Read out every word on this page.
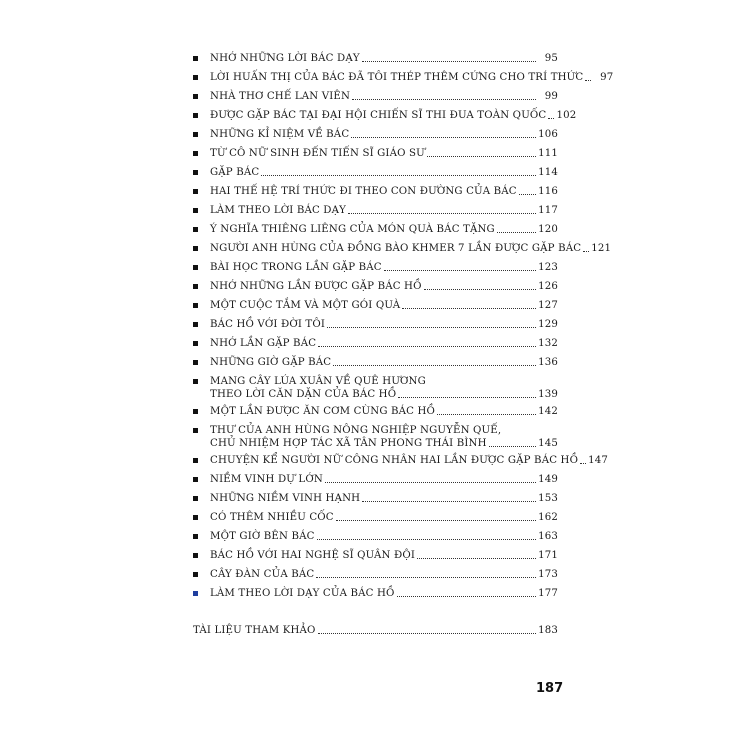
NHỚ NHỮNG LỜI BÁC DẠY	95
LỜI HUẤN THỊ CỦA BÁC ĐÃ TÔI THÉP THÊM CỨNG CHO TRÍ THỨC	97
NHÀ THƠ CHẾ LAN VIÊN	99
ĐƯỢC GẶP BÁC TẠI ĐẠI HỘI CHIẾN SĨ THI ĐUA TOÀN QUỐC 102
NHỮNG KỈ NIỆM VỀ BÁC	106
TỪ CÔ NỮ SINH ĐẾN TIẾN SĨ GIÁO SƯ	111
GẶP BÁC	114
HAI THẾ HỆ TRÍ THỨC ĐI THEO CON ĐƯỜNG CỦA BÁC 116
LÀM THEO LỜI BÁC DẠY	117
Ý NGHĨA THIÊNG LIÊNG CỦA MÓN QUÀ BÁC TẶNG	120
NGƯỜI ANH HÙNG CỦA ĐỒNG BÀO KHMER 7 LẦN ĐƯỢC GẶP BÁC 121
BÀI HỌC TRONG LẦN GẶP BÁC	123
NHỚ NHỮNG LẦN ĐƯỢC GẶP BÁC HỒ	126
MỘT CUỘC TẮM VÀ MỘT GÓI QUÀ	127
BÁC HỒ VỚI ĐỜI TÔI	129
NHỚ LẦN GẶP BÁC	132
NHỮNG GIỜ GẶP BÁC	136
MANG CÂY LÚA XUÂN VỀ QUÊ HƯƠNG
THEO LỜI CĂN DẶN CỦA BÁC HỒ	139
MỘT LẦN ĐƯỢC ĂN CƠM CÙNG BÁC HỒ	142
THƯ CỦA ANH HÙNG NÔNG NGHIỆP NGUYỄN QUẾ,
CHỦ NHIỆM HỢP TÁC XÃ TÂN PHONG THÁI BÌNH	145
CHUYỆN KỂ NGƯỜI NỮ CÔNG NHÂN HAI LẦN ĐƯỢC GẶP BÁC HỒ 147
NIỀM VINH DỰ LỚN	149
NHỮNG NIỀM VINH HẠNH	153
CÓ THÊM NHIỀU CỐC	162
MỘT GIỜ BÊN BÁC	163
BÁC HỒ VỚI HAI NGHỆ SĨ QUÂN ĐỘI	171
CÂY ĐÀN CỦA BÁC	173
LÀM THEO LỜI DẠY CỦA BÁC HỒ	177
TÀI LIỆU THAM KHẢO	183
187
